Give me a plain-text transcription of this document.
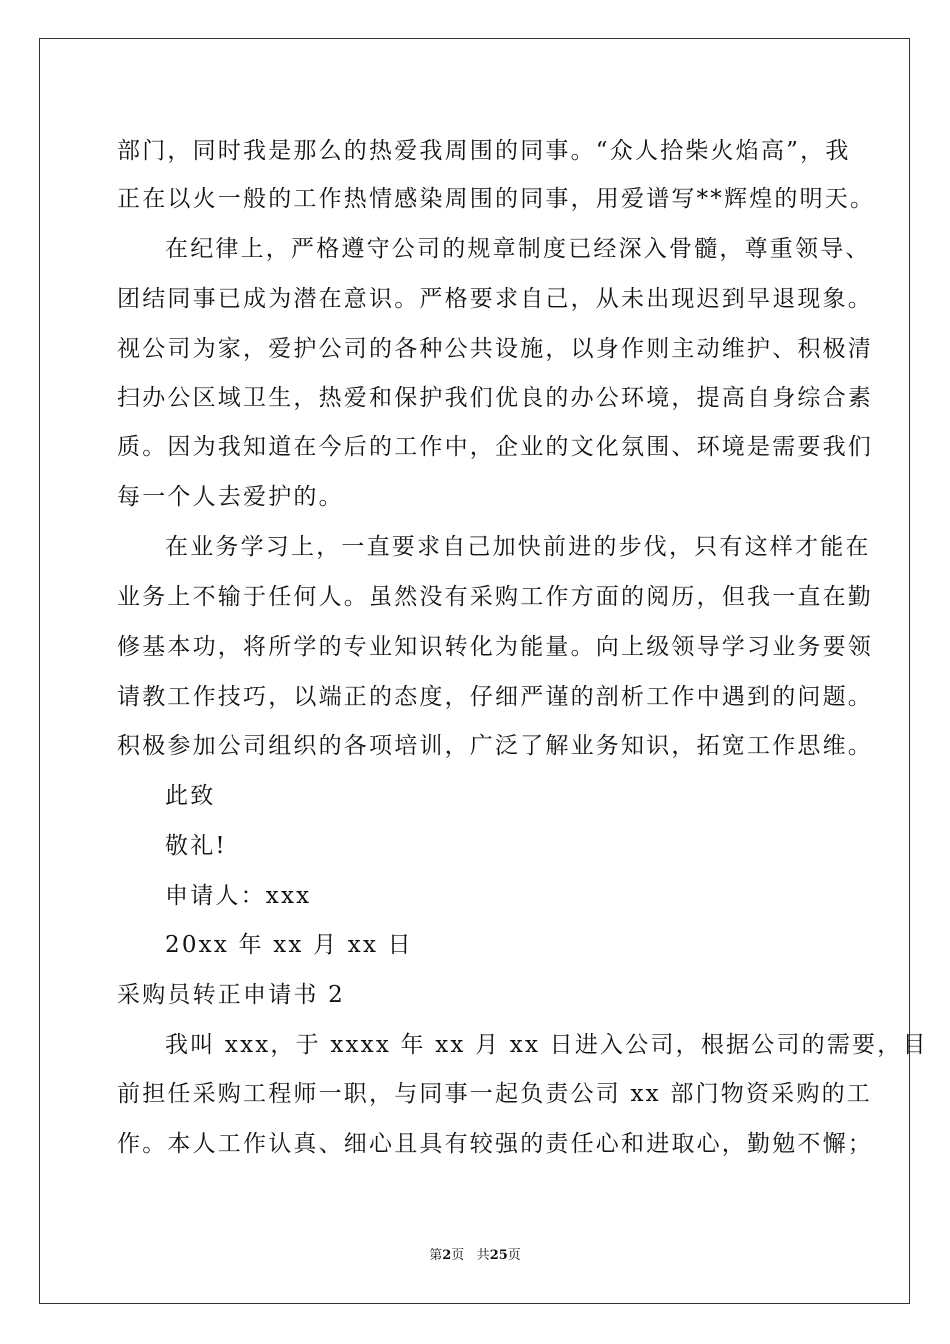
部门，同时我是那么的热爱我周围的同事。“众人拾柴火焰高”，我

正在以火一般的工作热情感染周围的同事，用爱谱写**辉煌的明天。

在纪律上，严格遵守公司的规章制度已经深入骨髓，尊重领导、

团结同事已成为潜在意识。严格要求自己，从未出现迟到早退现象。

视公司为家，爱护公司的各种公共设施，以身作则主动维护、积极清

扫办公区域卫生，热爱和保护我们优良的办公环境，提高自身综合素

质。因为我知道在今后的工作中，企业的文化氛围、环境是需要我们

每一个人去爱护的。

在业务学习上，一直要求自己加快前进的步伐，只有这样才能在

业务上不输于任何人。虽然没有采购工作方面的阅历，但我一直在勤

修基本功，将所学的专业知识转化为能量。向上级领导学习业务要领

请教工作技巧，以端正的态度，仔细严谨的剖析工作中遇到的问题。

积极参加公司组织的各项培训，广泛了解业务知识，拓宽工作思维。

此致

敬礼!

申请人：xxx

20xx 年 xx 月 xx 日

采购员转正申请书 2

我叫 xxx，于 xxxx 年 xx 月 xx 日进入公司，根据公司的需要，目

前担任采购工程师一职，与同事一起负责公司 xx 部门物资采购的工

作。本人工作认真、细心且具有较强的责任心和进取心，勤勉不懈；

第2页 共25页
